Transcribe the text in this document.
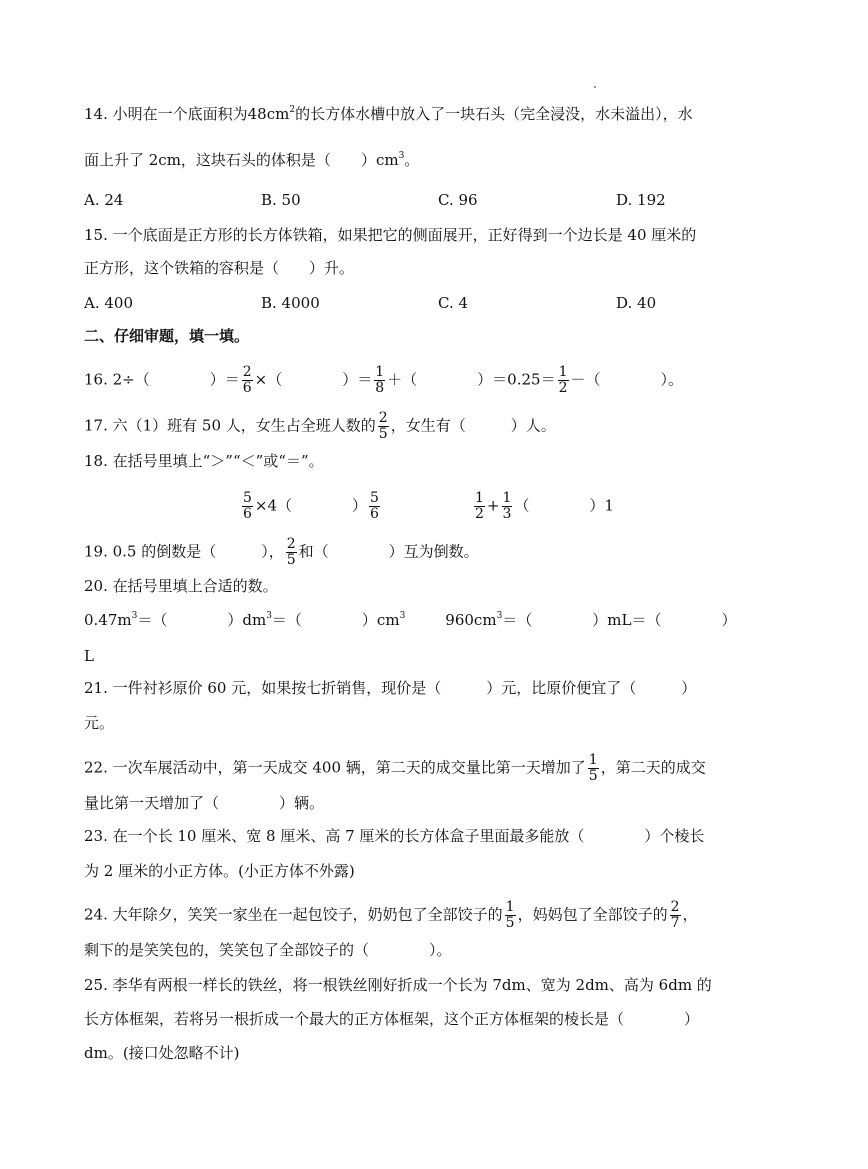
14. 小明在一个底面积为$48cm^2$的长方体水槽中放入了一块石头（完全浸没，水未溢出），水
面上升了 2cm，这块石头的体积是（　　）$cm^3$。
A. 24	B. 50	C. 96	D. 192
15. 一个底面是正方形的长方体铁箱，如果把它的侧面展开，正好得到一个边长是 40 厘米的
正方形，这个铁箱的容积是（　　）升。
A. 400	B. 4000	C. 4	D. 40
二、仔细审题，填一填。
16. 2÷（　　　　）＝ $\frac{2}{6}$ ×（　　　　）＝ $\frac{1}{8}$ ＋（　　　　）$=0.25= \frac{1}{2}$ －（　　　　）。
17. 六（1）班有 50 人，女生占全班人数的 $\frac{2}{5}$ ，女生有（　　　）人。
18. 在括号里填上“＞”“＜”或“＝”。
$\frac{5}{6} \times 4$（　　　　） $\frac{5}{6}$	$\frac{1}{2} + \frac{1}{3}$ （　　　　）1
19. 0.5 的倒数是（　　　）， $\frac{2}{5}$ 和（　　　　）互为倒数。
20. 在括号里填上合适的数。
$0.47m^3=$（　　　　）$dm^3=$（　　　　）$cm^3$	$960cm^3=$（　　　　）mL＝（　　　　）
L
21. 一件衬衫原价 60 元，如果按七折销售，现价是（　　　）元，比原价便宜了（　　　）
元。
22. 一次车展活动中，第一天成交 400 辆，第二天的成交量比第一天增加了 $\frac{1}{5}$ ，第二天的成交
量比第一天增加了（　　　　）辆。
23. 在一个长 10 厘米、宽 8 厘米、高 7 厘米的长方体盒子里面最多能放（　　　　）个棱长
为 2 厘米的小正方体。(小正方体不外露)
24. 大年除夕，笑笑一家坐在一起包饺子，奶奶包了全部饺子的 $\frac{1}{5}$ ，妈妈包了全部饺子的 $\frac{2}{7}$ ，
剩下的是笑笑包的，笑笑包了全部饺子的（　　　　）。
25. 李华有两根一样长的铁丝，将一根铁丝刚好折成一个长为 7dm、宽为 2dm、高为 6dm 的
长方体框架，若将另一根折成一个最大的正方体框架，这个正方体框架的棱长是（　　　　）
dm。(接口处忽略不计)
